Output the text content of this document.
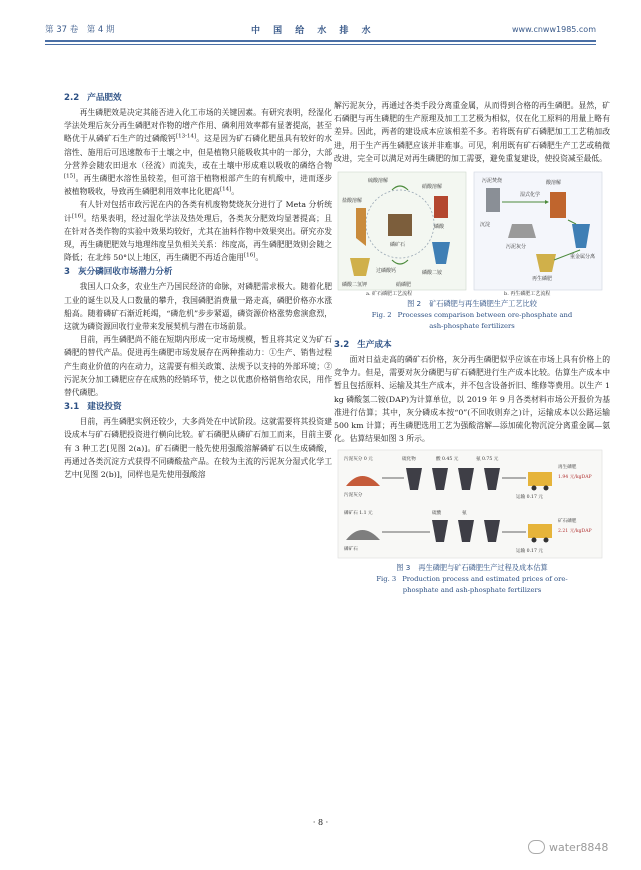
第 37 卷　第 4 期	中 国 给 水 排 水	www.cnww1985.com
2.2 产品肥效

再生磷肥效是决定其能否进入化工市场的关键因素。有研究表明，经湿化学法处理后灰分再生磷肥对作物的增产作用、磷利用效率都有显著提高，甚至略优于从磷矿石生产的过磷酸钙[13-14]。这是因为矿石磷化肥虽具有较好的水溶性、施用后可迅速散布于土壤之中，但是植物只能吸收其中的一部分，大部分营养会随农田退水（径流）而流失，或在土壤中形成难以吸收的磷络合物[15]。再生磷肥水溶性虽较差，但可溶于植物根部产生的有机酸中，进而逐步被植物吸收，导致再生磷肥利用效率比化肥高[14]。

有人针对包括市政污泥在内的各类有机废物焚烧灰分进行了 Meta 分析统计[16]。结果表明，经过湿化学法及热处理后，各类灰分肥效均显著提高；且在针对各类作物的实验中效果均较好，尤其在油料作物中效果突出。研究亦发现，再生磷肥肥效与地理纬度呈负相关关系：纬度高，再生磷肥肥效则会随之降低；在北纬 50°以上地区，再生磷肥不再适合施用[16]。

3 灰分磷回收市场潜力分析

我国人口众多，农业生产乃国民经济的命脉，对磷肥需求极大。随着化肥工业的诞生以及人口数量的攀升，我国磷肥消费量一路走高，磷肥价格亦水涨船高。随着磷矿石渐近耗竭，“磷危机”步步紧逼，磷资源价格涨势愈演愈烈，这就为磷资源回收行业带来发展契机与潜在市场前景。

目前，再生磷肥尚不能在短期内形成一定市场规模，暂且将其定义为矿石磷肥的替代产品。促进再生磷肥市场发展存在两种推动力：①生产、销售过程产生商业价值的内在动力，这需要有相关政策、法规予以支持的外部环境；②污泥灰分加工磷肥应存在成熟的经销环节，使之以优惠价格销售给农民，用作替代磷肥。

3.1 建设投资

目前，再生磷肥实例还较少，大多尚处在中试阶段。这就需要将其投资建设成本与矿石磷肥投资进行横向比较。矿石磷肥从磷矿石加工而来，目前主要有 3 种工艺[见图 2(a)]。矿石磷肥一般先使用强酸溶解磷矿石以生成磷酸，再通过各类沉淀方式获得不同磷酸盐产品。在较为主流的污泥灰分湿式化学工艺中[见图 2(b)]，同样也是先使用强酸溶

解污泥灰分，再通过各类手段分离重金属，从而得到合格的再生磷肥。显然，矿石磷肥与再生磷肥的生产原理及加工工艺极为相似，仅在化工原料的用量上略有差异。因此，两者的建设成本应该相差不多。若将既有矿石磷肥加工工艺稍加改进，用于生产再生磷肥应该并非难事。可见，利用既有矿石磷肥生产工艺或稍微改进，完全可以满足对再生磷肥的加工需要，避免重复建设，使投资减至最低。

硫酸溶解
硝酸溶解
盐酸溶解
磷矿石
磷酸
过磷酸钙	磷酸二铵
磷酸二氢钾	硝磷肥
污泥焚烧
污泥灰分
酸溶解
重金属分离
沉淀
再生磷肥
湿式化学
a. 矿石磷肥工艺流程	b. 再生磷肥工艺流程
图 2 矿石磷肥与再生磷肥生产工艺比较
Fig. 2 Processes comparison between ore-phosphate and
ash-phosphate fertilizers
3.2 生产成本

面对日益走高的磷矿石价格，灰分再生磷肥似乎应该在市场上具有价格上的竞争力。但是，需要对灰分磷肥与矿石磷肥进行生产成本比较。估算生产成本中暂且包括原料、运输及其生产成本，并不包含设备折旧、维修等费用。以生产 1 kg 磷酸氢二铵(DAP)为计算单位，以 2019 年 9 月各类材料市场公开报价为基准进行估算；其中，灰分磷成本按“0”(不回收则弃之)计，运输成本以公路运输 500 km 计算；再生磷肥选用工艺为强酸溶解—添加硫化物沉淀分离重金属—氨化。估算结果如图 3 所示。

污泥灰分 0 元	硫化物	酸 0.45 元	氨 0.75 元
再生磷肥
运输 0.17 元
1.94 元/kgDAP
污泥灰分
磷矿石 1.1 元	硫酸	氨
矿石磷肥
运输 0.17 元
2.21 元/kgDAP
磷矿石
图 3 再生磷肥与矿石磷肥生产过程及成本估算
Fig. 3 Production process and estimated prices of ore-
phosphate and ash-phosphate fertilizers
· 8 ·
water8848
